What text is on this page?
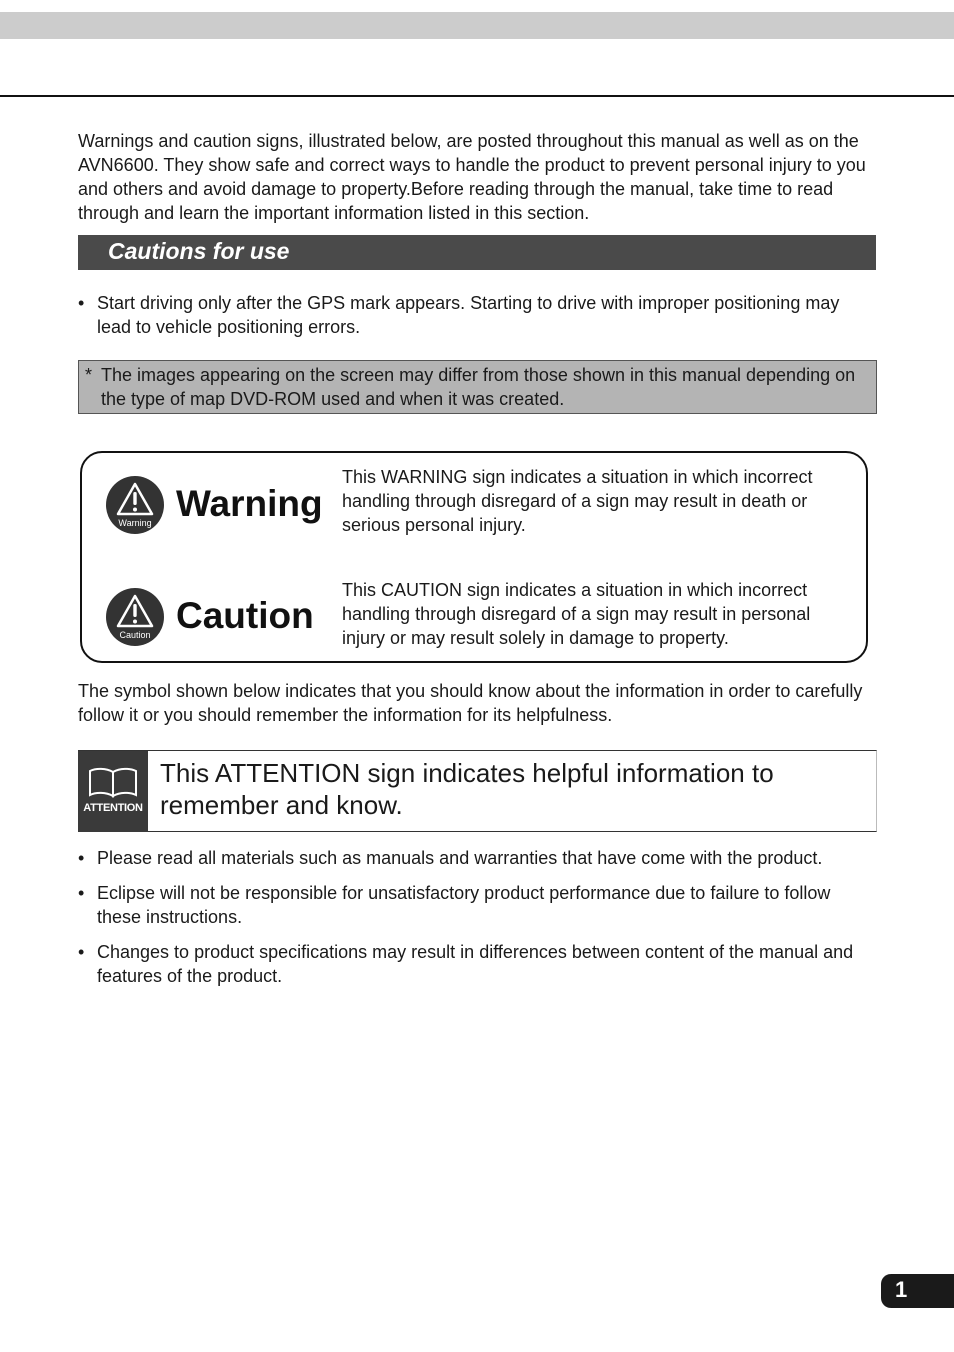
Warnings and caution signs, illustrated below, are posted throughout this manual as well as on the AVN6600. They show safe and correct ways to handle the product to prevent personal injury to you and others and avoid damage to property.Before reading through the manual, take time to read through and learn the important information listed in this section.

Cautions for use
• Start driving only after the GPS mark appears. Starting to drive with improper positioning may lead to vehicle positioning errors.
* The images appearing on the screen may differ from those shown in this manual depending on the type of map DVD-ROM used and when it was created.
Warning Warning
This WARNING sign indicates a situation in which incorrect handling through disregard of a sign may result in death or serious personal injury.
Caution Caution
This CAUTION sign indicates a situation in which incorrect handling through disregard of a sign may result in personal injury or may result solely in damage to property.

The symbol shown below indicates that you should know about the information in order to carefully follow it or you should remember the information for its helpfulness.

ATTENTION
This ATTENTION sign indicates helpful information to remember and know.
• Please read all materials such as manuals and warranties that have come with the product.
• Eclipse will not be responsible for unsatisfactory product performance due to failure to follow these instructions.
• Changes to product specifications may result in differences between content of the manual and features of the product.
1
